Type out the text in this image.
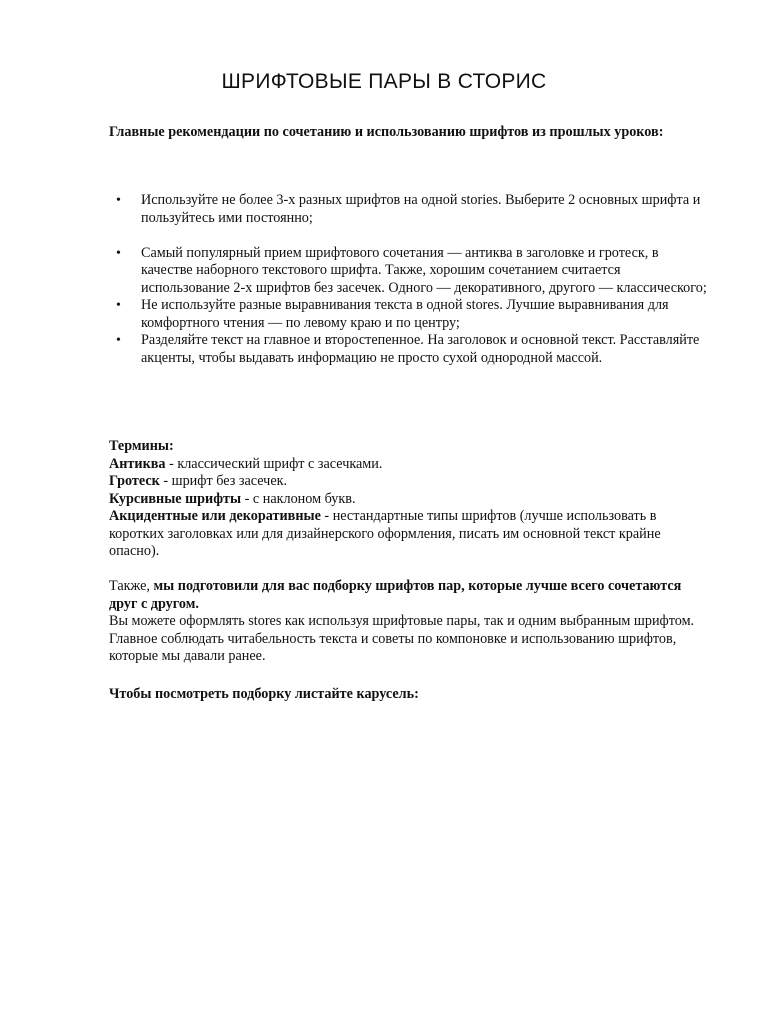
ШРИФТОВЫЕ ПАРЫ В СТОРИС
Главные рекомендации по сочетанию и использованию шрифтов из прошлых уроков:
• Используйте не более 3-х разных шрифтов на одной stories. Выберите 2 основных шрифта и пользуйтесь ими постоянно;
• Самый популярный прием шрифтового сочетания — антиква в заголовке и гротеск, в качестве наборного текстового шрифта. Также, хорошим сочетанием считается использование 2-х шрифтов без засечек. Одного — декоративного, другого — классического;
• Не используйте разные выравнивания текста в одной stores. Лучшие выравнивания для комфортного чтения — по левому краю и по центру;
• Разделяйте текст на главное и второстепенное. На заголовок и основной текст. Расставляйте акценты, чтобы выдавать информацию не просто сухой однородной массой.
Термины:
Антиква - классический шрифт с засечками.
Гротеск - шрифт без засечек.
Курсивные шрифты - с наклоном букв.
Акцидентные или декоративные - нестандартные типы шрифтов (лучше использовать в коротких заголовках или для дизайнерского оформления, писать им основной текст крайне опасно).
Также, мы подготовили для вас подборку шрифтов пар, которые лучше всего сочетаются друг с другом.
Вы можете оформлять stores как используя шрифтовые пары, так и одним выбранным шрифтом. Главное соблюдать читабельность текста и советы по компоновке и использованию шрифтов, которые мы давали ранее.
Чтобы посмотреть подборку листайте карусель:
